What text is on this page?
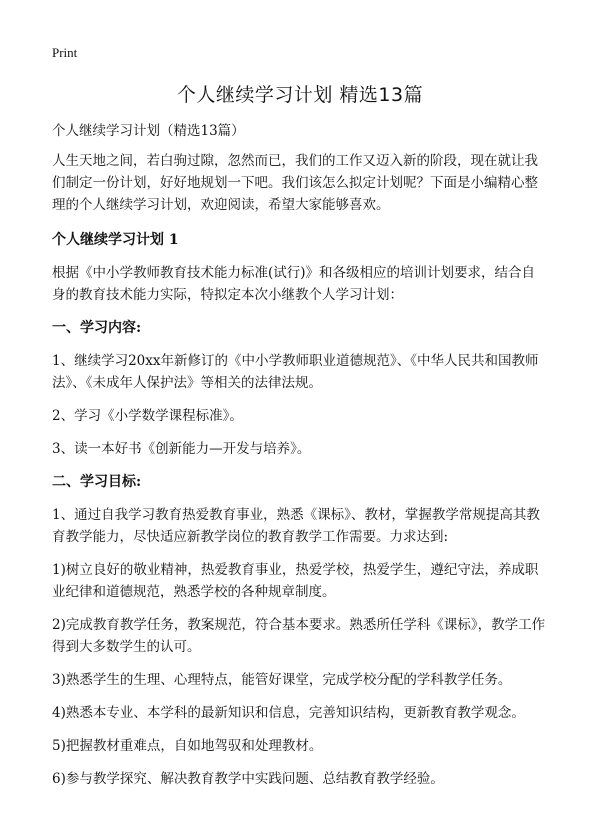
Print
个人继续学习计划 精选13篇

个人继续学习计划（精选13篇）

人生天地之间，若白驹过隙，忽然而已，我们的工作又迈入新的阶段，现在就让我们制定一份计划，好好地规划一下吧。我们该怎么拟定计划呢？下面是小编精心整理的个人继续学习计划，欢迎阅读，希望大家能够喜欢。

个人继续学习计划 1

根据《中小学教师教育技术能力标准(试行)》和各级相应的培训计划要求，结合自身的教育技术能力实际，特拟定本次小继教个人学习计划：

一、学习内容:

1、继续学习20xx年新修订的《中小学教师职业道德规范》、《中华人民共和国教师法》、《未成年人保护法》等相关的法律法规。

2、学习《小学数学课程标准》。

3、读一本好书《创新能力—开发与培养》。

二、学习目标:

1、通过自我学习教育热爱教育事业，熟悉《课标》、教材，掌握教学常规提高其教育教学能力，尽快适应新教学岗位的教育教学工作需要。力求达到:

1)树立良好的敬业精神，热爱教育事业，热爱学校，热爱学生，遵纪守法，养成职业纪律和道德规范，熟悉学校的各种规章制度。

2)完成教育教学任务，教案规范，符合基本要求。熟悉所任学科《课标》，教学工作得到大多数学生的认可。

3)熟悉学生的生理、心理特点，能管好课堂，完成学校分配的学科教学任务。

4)熟悉本专业、本学科的最新知识和信息，完善知识结构，更新教育教学观念。

5)把握教材重难点，自如地驾驭和处理教材。

6)参与教学探究、解决教育教学中实践问题、总结教育教学经验。
